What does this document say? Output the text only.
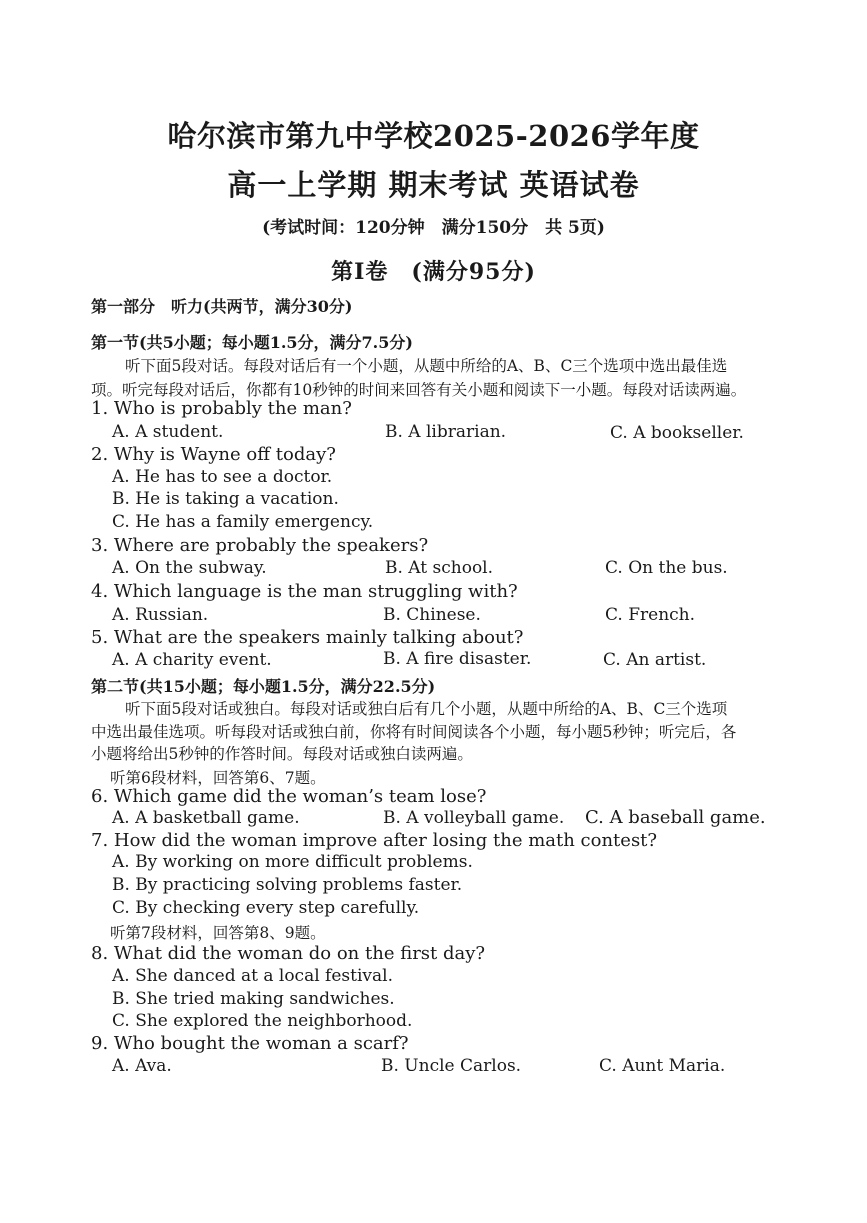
哈尔滨市第九中学校2025-2026学年度
高一上学期 期末考试 英语试卷
(考试时间：120分钟　满分150分　共 5页)
第Ⅰ卷　(满分95分)
第一部分　听力(共两节，满分30分)
第一节(共5小题；每小题1.5分，满分7.5分)
听下面5段对话。每段对话后有一个小题，从题中所给的A、B、C三个选项中选出最佳选
项。听完每段对话后，你都有10秒钟的时间来回答有关小题和阅读下一小题。每段对话读两遍。
1. Who is probably the man?
A. A student.	B. A librarian.	C. A bookseller.
2. Why is Wayne off today?
A. He has to see a doctor.
B. He is taking a vacation.
C. He has a family emergency.
3. Where are probably the speakers?
A. On the subway.	B. At school.	C. On the bus.
4. Which language is the man struggling with?
A. Russian.	B. Chinese.	C. French.
5. What are the speakers mainly talking about?
A. A charity event.	B. A fire disaster.	C. An artist.
第二节(共15小题；每小题1.5分，满分22.5分)
听下面5段对话或独白。每段对话或独白后有几个小题，从题中所给的A、B、C三个选项
中选出最佳选项。听每段对话或独白前，你将有时间阅读各个小题，每小题5秒钟；听完后，各
小题将给出5秒钟的作答时间。每段对话或独白读两遍。
听第6段材料，回答第6、7题。
6. Which game did the woman’s team lose?
A. A basketball game.	B. A volleyball game. C. A baseball game.
7. How did the woman improve after losing the math contest?
A. By working on more difficult problems.
B. By practicing solving problems faster.
C. By checking every step carefully.
听第7段材料，回答第8、9题。
8. What did the woman do on the first day?
A. She danced at a local festival.
B. She tried making sandwiches.
C. She explored the neighborhood.
9. Who bought the woman a scarf?
A. Ava.	B. Uncle Carlos.	C. Aunt Maria.
